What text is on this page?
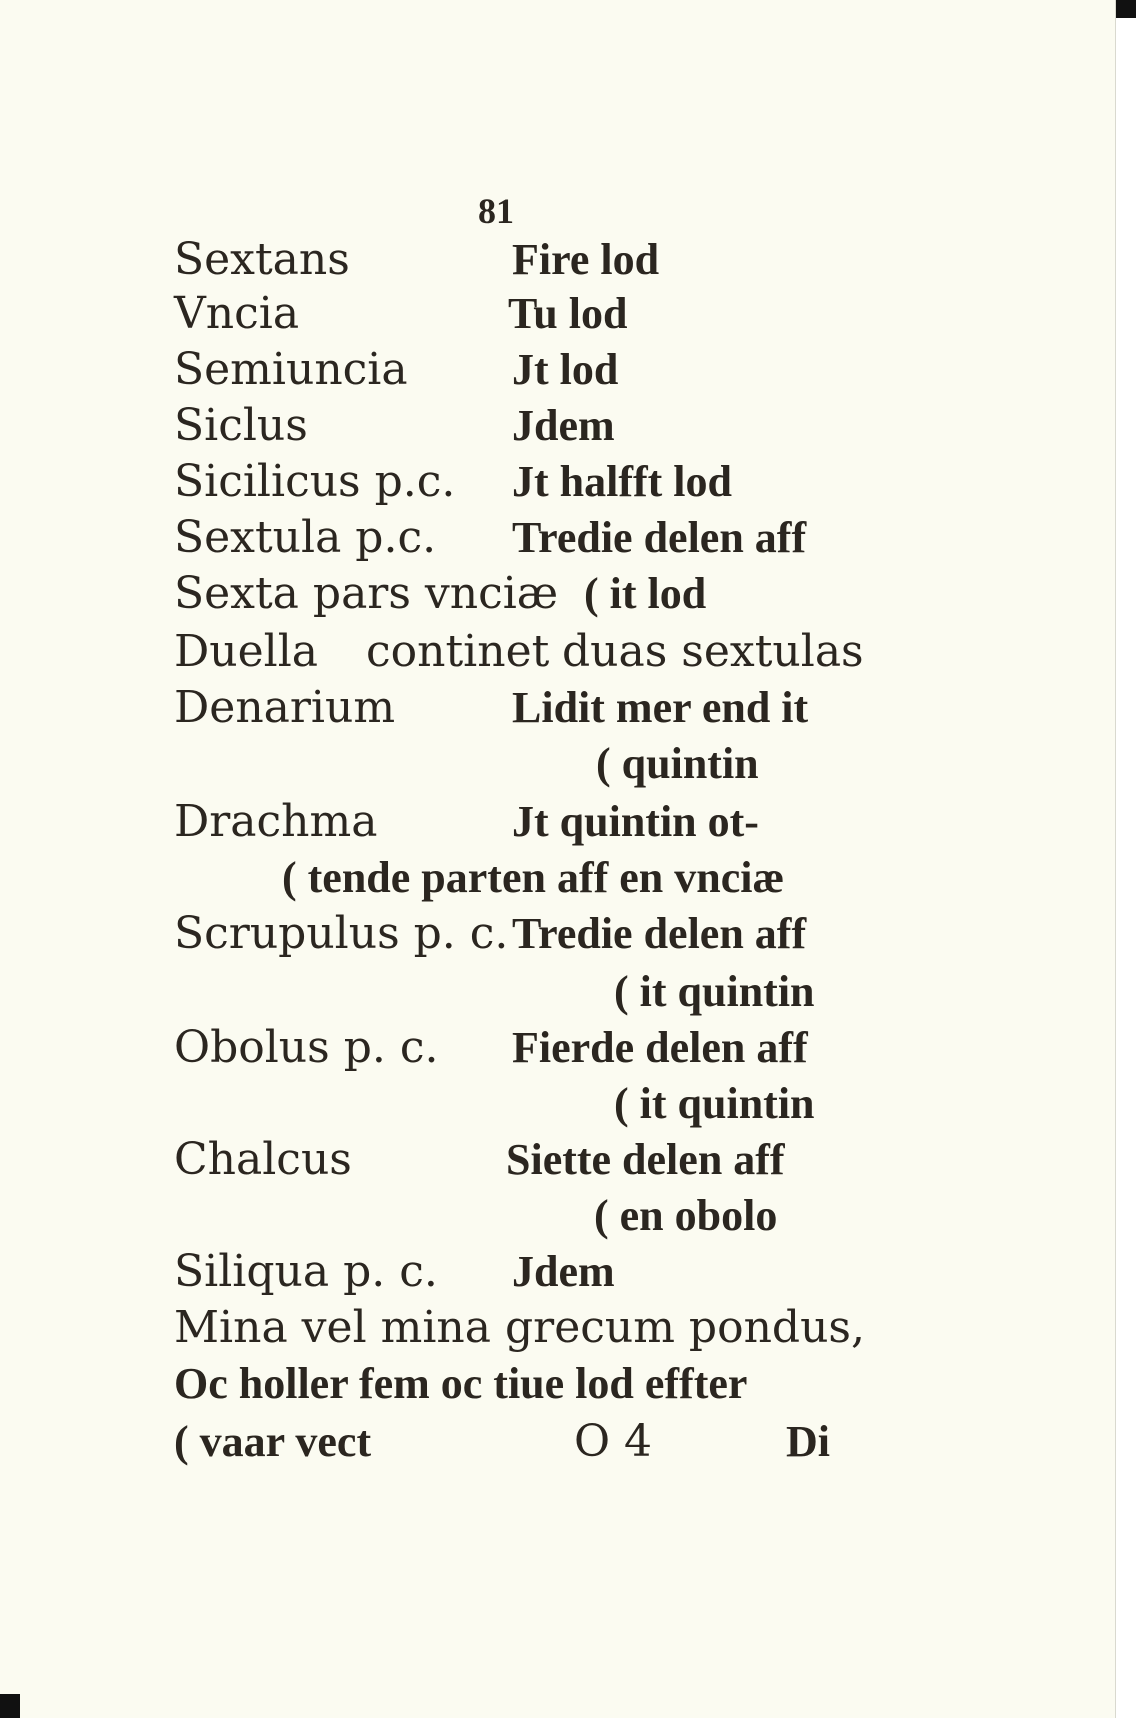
81
Sextans	Fire lod
Vncia	Tu lod
Semiuncia Jt lod
Siclus	Jdem
Sicilicus p.c. Jt halfft lod
Sextula p.c. Tredie delen aff
Sexta pars vnciæ ( it lod
Duella continet duas sextulas
Denarium	Lidit mer end it
( quintin
Drachma	Jt quintin ot-
( tende parten aff en vnciæ
Scrupulus p. c. Tredie delen aff
( it quintin
Obolus p. c. Fierde delen aff
( it quintin
Chalcus	Siette delen aff
( en obolo
Siliqua p. c. Jdem
Mina vel mina grecum pondus,
Oc holler fem oc tiue lod effter
( vaar vect	O 4	Di
